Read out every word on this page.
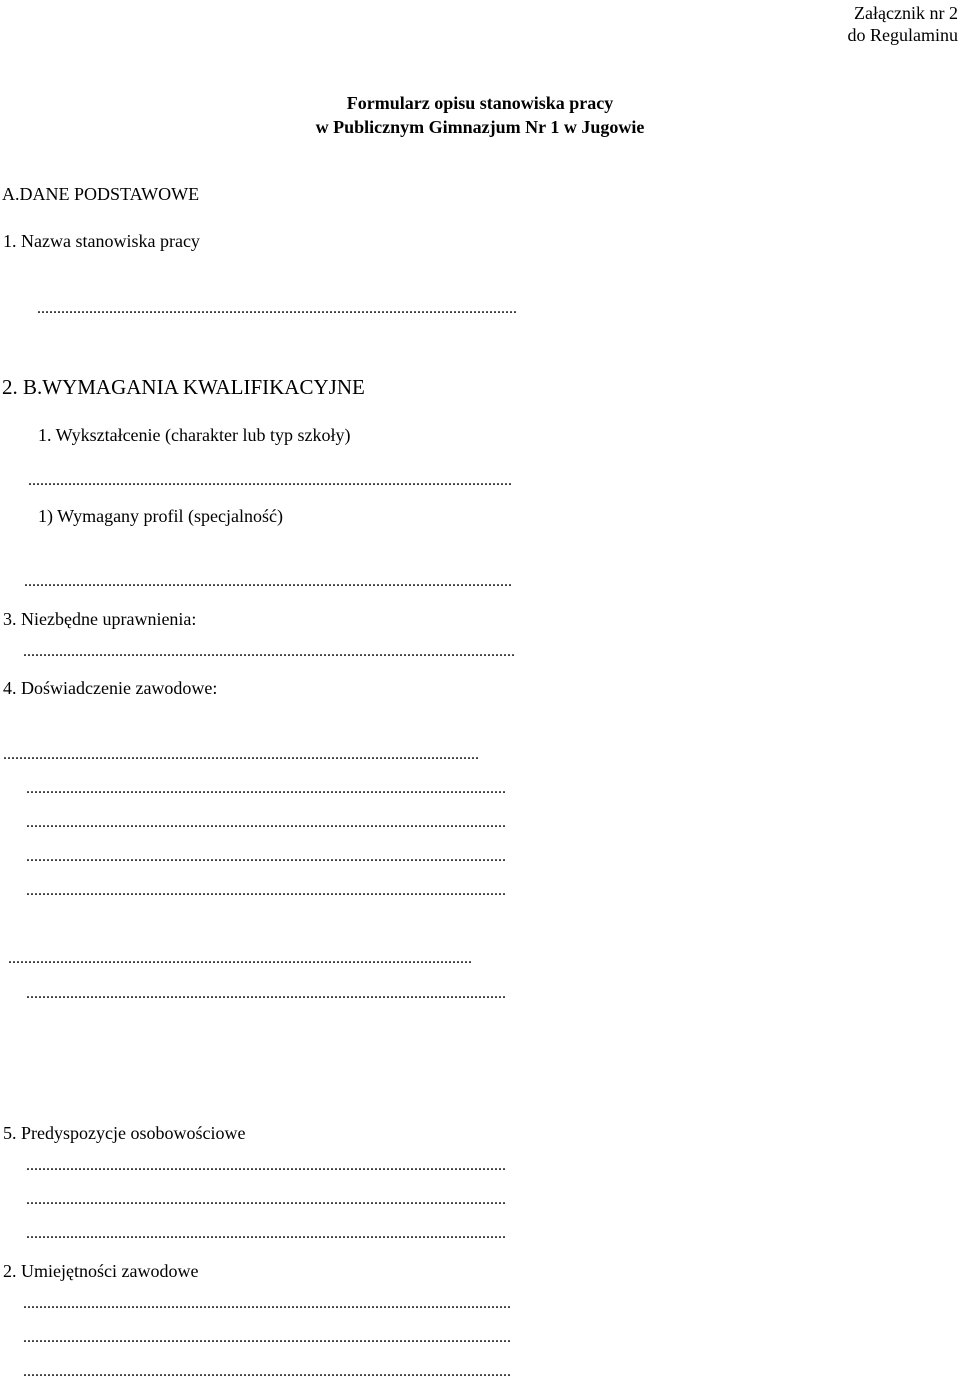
Załącznik nr 2
do Regulaminu
Formularz opisu stanowiska pracy
w Publicznym Gimnazjum Nr 1 w Jugowie
A.DANE PODSTAWOWE
1. Nazwa stanowiska pracy
........................................................................................................................
2. B.WYMAGANIA KWALIFIKACYJNE
1. Wykształcenie (charakter lub typ szkoły)
.........................................................................................................................
1) Wymagany profil (specjalność)
..........................................................................................................................
3. Niezbędne uprawnienia:
...........................................................................................................................
4. Doświadczenie zawodowe:
.......................................................................................................................
........................................................................................................................
........................................................................................................................
........................................................................................................................
........................................................................................................................
....................................................................................................................
........................................................................................................................
5. Predyspozycje osobowościowe
........................................................................................................................
........................................................................................................................
........................................................................................................................
2. Umiejętności zawodowe
..........................................................................................................................
..........................................................................................................................
..........................................................................................................................
